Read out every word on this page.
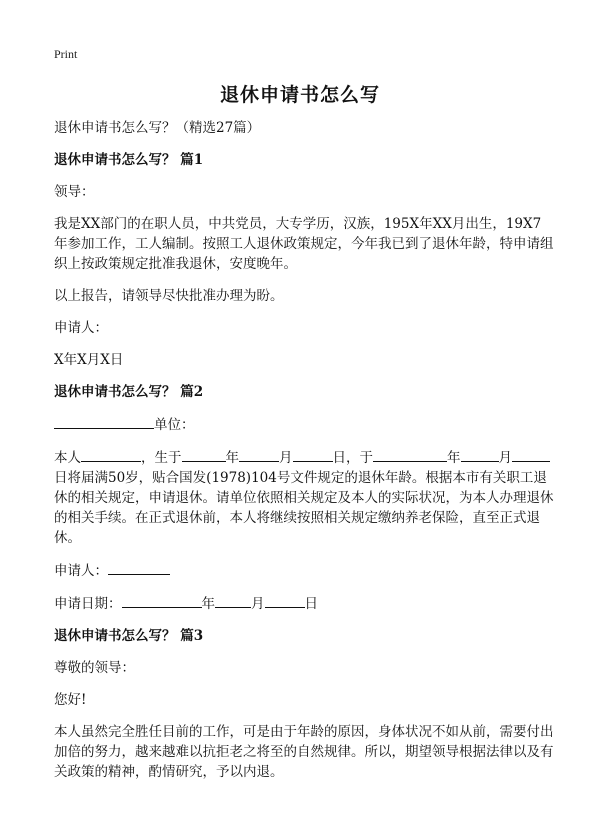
Print
退休申请书怎么写

退休申请书怎么写？（精选27篇）

退休申请书怎么写？ 篇1

领导：

我是XX部门的在职人员，中共党员，大专学历，汉族，195X年XX月出生，19X7年参加工作，工人编制。按照工人退休政策规定，今年我已到了退休年龄，特申请组织上按政策规定批准我退休，安度晚年。

以上报告，请领导尽快批准办理为盼。

申请人：

X年X月X日

退休申请书怎么写？ 篇2

单位：

本人	，生于	年	月	日，于	年	月日将届满50岁，贴合国发(1978)104号文件规定的退休年龄。根据本市有关职工退休的相关规定，申请退休。请单位依照相关规定及本人的实际状况，为本人办理退休的相关手续。在正式退休前，本人将继续按照相关规定缴纳养老保险，直至正式退休。

申请人：

申请日期：	年	月	日

退休申请书怎么写？ 篇3

尊敬的领导：

您好!

本人虽然完全胜任目前的工作，可是由于年龄的原因，身体状况不如从前，需要付出加倍的努力，越来越难以抗拒老之将至的自然规律。所以，期望领导根据法律以及有关政策的精神，酌情研究，予以内退。
